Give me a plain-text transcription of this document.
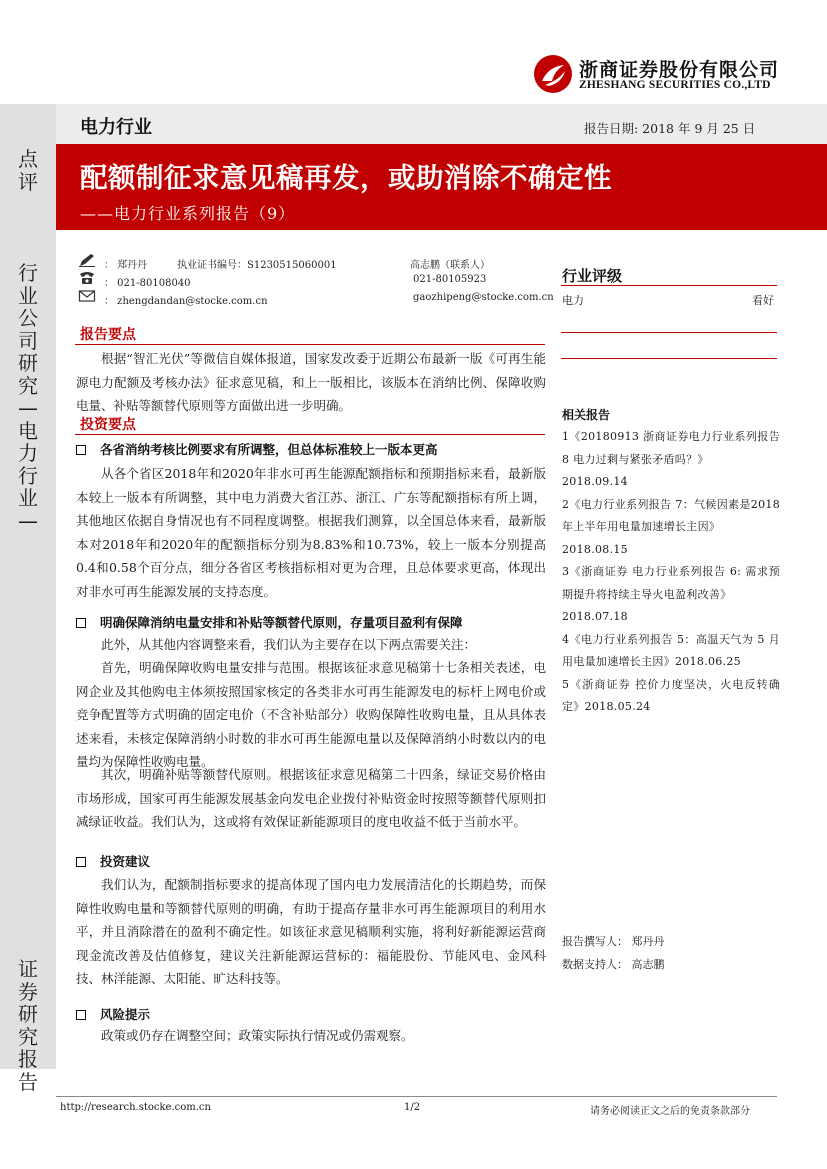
浙商证券股份有限公司
ZHESHANG SECURITIES CO.,LTD
点
评
行
业
公
司
研
究
—
电
力
行
业
—
证
券
研
究
报
告
电力行业	报告日期: 2018 年 9 月 25 日
配额制征求意见稿再发，或助消除不确定性
——电力行业系列报告（9）
： 郑丹丹	执业证书编号：S1230515060001	高志鹏（联系人）
： 021-80108040	021-80105923
： zhengdandan@stocke.com.cn	gaozhipeng@stocke.com.cn
报告要点
根据“智汇光伏”等微信自媒体报道，国家发改委于近期公布最新一版《可再生能源电力配额及考核办法》征求意见稿，和上一版相比，该版本在消纳比例、保障收购电量、补贴等额替代原则等方面做出进一步明确。
投资要点
各省消纳考核比例要求有所调整，但总体标准较上一版本更高
从各个省区2018年和2020年非水可再生能源配额指标和预期指标来看，最新版本较上一版本有所调整，其中电力消费大省江苏、浙江、广东等配额指标有所上调，其他地区依据自身情况也有不同程度调整。根据我们测算，以全国总体来看，最新版本对2018年和2020年的配额指标分别为8.83%和10.73%，较上一版本分别提高0.4和0.58个百分点，细分各省区考核指标相对更为合理，且总体要求更高，体现出对非水可再生能源发展的支持态度。
明确保障消纳电量安排和补贴等额替代原则，存量项目盈利有保障
此外，从其他内容调整来看，我们认为主要存在以下两点需要关注：
首先，明确保障收购电量安排与范围。根据该征求意见稿第十七条相关表述，电网企业及其他购电主体须按照国家核定的各类非水可再生能源发电的标杆上网电价或竞争配置等方式明确的固定电价（不含补贴部分）收购保障性收购电量，且从具体表述来看，未核定保障消纳小时数的非水可再生能源电量以及保障消纳小时数以内的电量均为保障性收购电量。
其次，明确补贴等额替代原则。根据该征求意见稿第二十四条，绿证交易价格由市场形成，国家可再生能源发展基金向发电企业拨付补贴资金时按照等额替代原则扣减绿证收益。我们认为，这或将有效保证新能源项目的度电收益不低于当前水平。
投资建议
我们认为，配额制指标要求的提高体现了国内电力发展清洁化的长期趋势，而保障性收购电量和等额替代原则的明确，有助于提高存量非水可再生能源项目的利用水平，并且消除潜在的盈利不确定性。如该征求意见稿顺利实施，将利好新能源运营商现金流改善及估值修复，建议关注新能源运营标的：福能股份、节能风电、金风科技、林洋能源、太阳能、旷达科技等。
风险提示
政策或仍存在调整空间；政策实际执行情况或仍需观察。
行业评级
电力	看好
相关报告
1《20180913 浙商证券电力行业系列报告 8 电力过剩与紧张矛盾吗？》
2018.09.14
2《电力行业系列报告 7：气候因素是2018 年上半年用电量加速增长主因》
2018.08.15
3《浙商证券 电力行业系列报告 6: 需求预期提升将持续主导火电盈利改善》
2018.07.18
4《电力行业系列报告 5：高温天气为 5 月用电量加速增长主因》2018.06.25
5《浙商证券 控价力度坚决，火电反转确定》2018.05.24
报告撰写人： 郑丹丹
数据支持人： 高志鹏
http://research.stocke.com.cn	1/2	请务必阅读正文之后的免责条款部分
